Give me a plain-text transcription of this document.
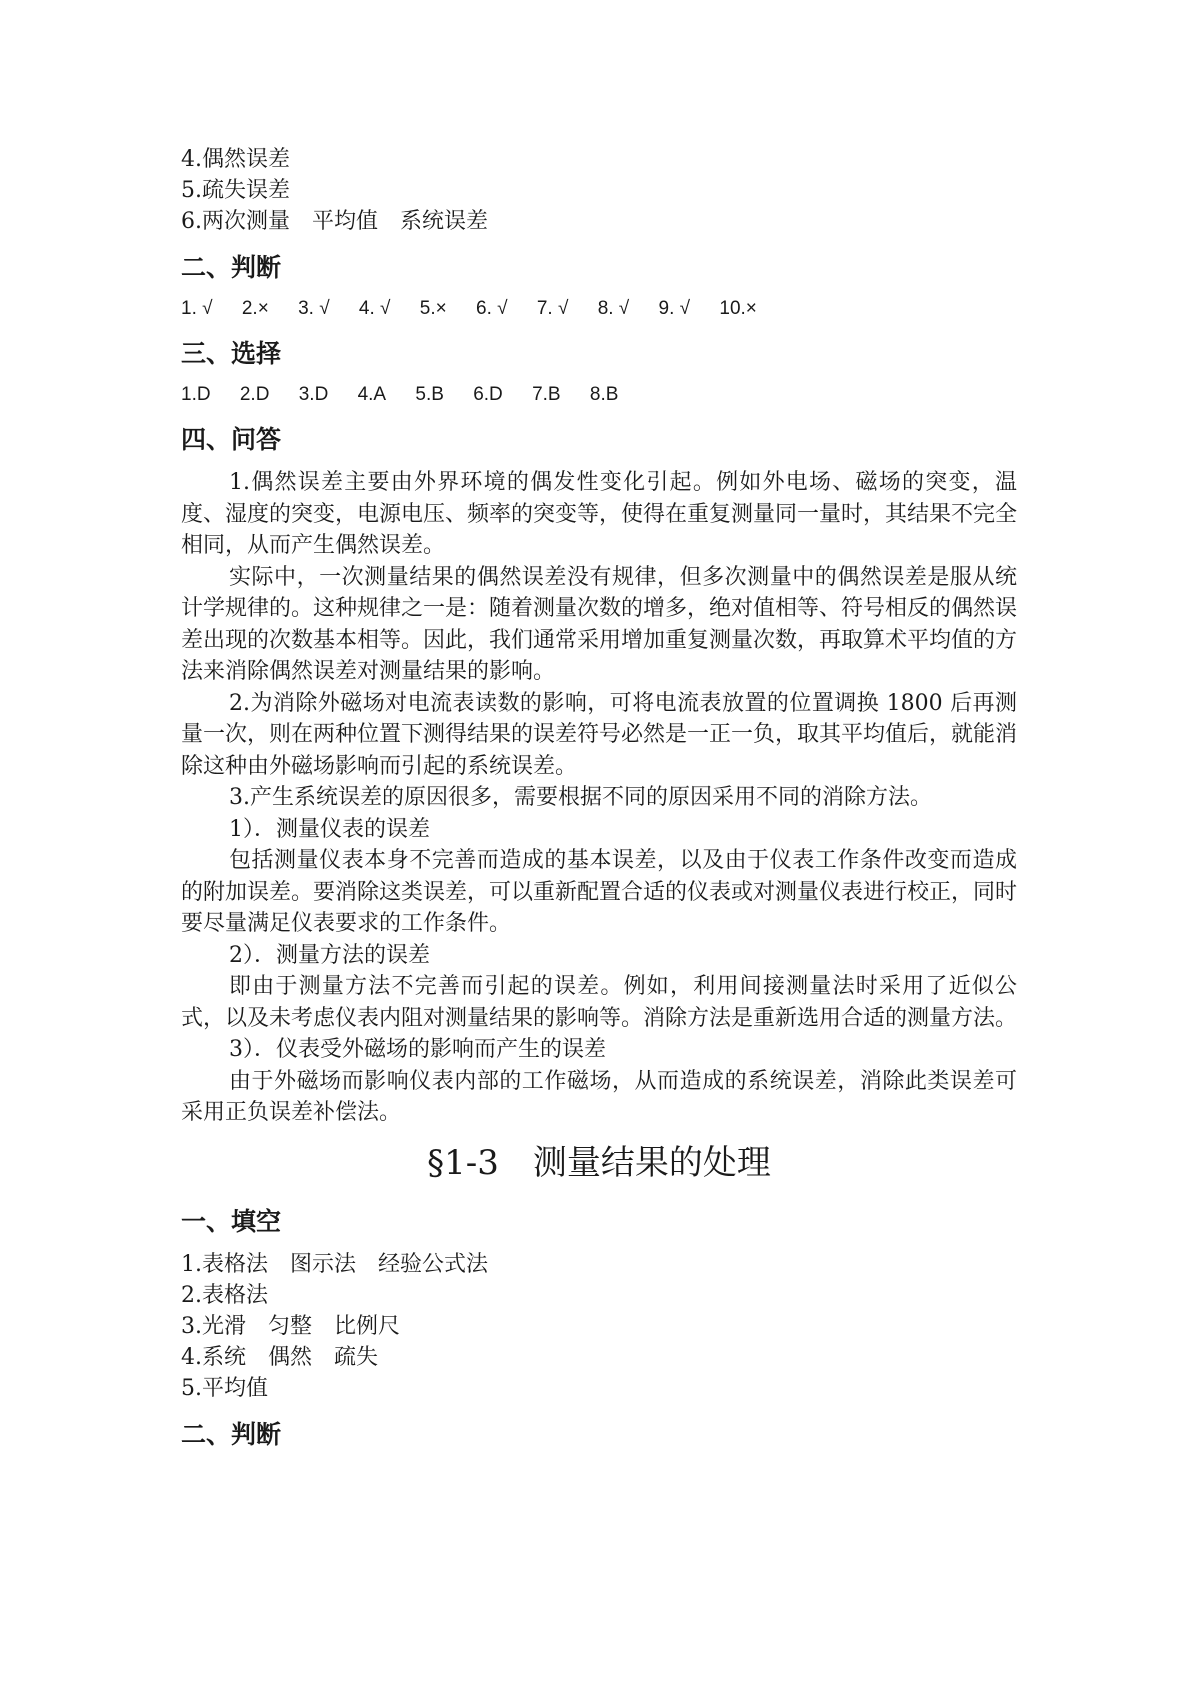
4.偶然误差
5.疏失误差
6.两次测量　平均值　系统误差
二、判断
1. √ 2.× 3. √ 4. √ 5.× 6. √ 7. √ 8. √ 9. √ 10.×
三、选择
1.D 2.D 3.D 4.A 5.B 6.D 7.B 8.B
四、问答
1.偶然误差主要由外界环境的偶发性变化引起。例如外电场、磁场的突变，温度、湿度的突变，电源电压、频率的突变等，使得在重复测量同一量时，其结果不完全相同，从而产生偶然误差。
实际中，一次测量结果的偶然误差没有规律，但多次测量中的偶然误差是服从统计学规律的。这种规律之一是：随着测量次数的增多，绝对值相等、符号相反的偶然误差出现的次数基本相等。因此，我们通常采用增加重复测量次数，再取算术平均值的方法来消除偶然误差对测量结果的影响。
2.为消除外磁场对电流表读数的影响，可将电流表放置的位置调换 1800 后再测量一次，则在两种位置下测得结果的误差符号必然是一正一负，取其平均值后，就能消除这种由外磁场影响而引起的系统误差。
3.产生系统误差的原因很多，需要根据不同的原因采用不同的消除方法。
1）．测量仪表的误差
包括测量仪表本身不完善而造成的基本误差，以及由于仪表工作条件改变而造成的附加误差。要消除这类误差，可以重新配置合适的仪表或对测量仪表进行校正，同时要尽量满足仪表要求的工作条件。
2）．测量方法的误差
即由于测量方法不完善而引起的误差。例如，利用间接测量法时采用了近似公式，以及未考虑仪表内阻对测量结果的影响等。消除方法是重新选用合适的测量方法。
3）．仪表受外磁场的影响而产生的误差
由于外磁场而影响仪表内部的工作磁场，从而造成的系统误差，消除此类误差可采用正负误差补偿法。
§1-3　测量结果的处理
一、填空
1.表格法　图示法　经验公式法
2.表格法
3.光滑　匀整　比例尺
4.系统　偶然　疏失
5.平均值
二、判断
